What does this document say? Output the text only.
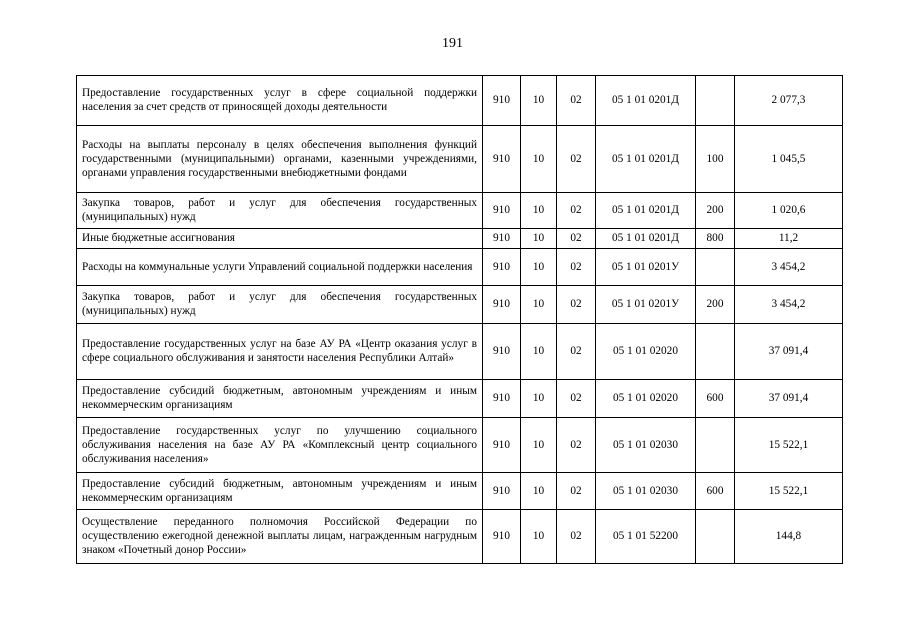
191
Предоставление государственных услуг в сфере социальной поддержки населения за счет средств от приносящей доходы деятельности	910	10	02	05 1 01 0201Д		2 077,3
Расходы на выплаты персоналу в целях обеспечения выполнения функций государственными (муниципальными) органами, казенными учреждениями, органами управления государственными внебюджетными фондами	910	10	02	05 1 01 0201Д	100	1 045,5
Закупка товаров, работ и услуг для обеспечения государственных (муниципальных) нужд	910	10	02	05 1 01 0201Д	200	1 020,6
Иные бюджетные ассигнования	910	10	02	05 1 01 0201Д	800	11,2
Расходы на коммунальные услуги Управлений социальной поддержки населения	910	10	02	05 1 01 0201У		3 454,2
Закупка товаров, работ и услуг для обеспечения государственных (муниципальных) нужд	910	10	02	05 1 01 0201У	200	3 454,2
Предоставление государственных услуг на базе АУ РА «Центр оказания услуг в сфере социального обслуживания и занятости населения Республики Алтай»	910	10	02	05 1 01 02020		37 091,4
Предоставление субсидий бюджетным, автономным учреждениям и иным некоммерческим организациям	910	10	02	05 1 01 02020	600	37 091,4
Предоставление государственных услуг по улучшению социального обслуживания населения на базе АУ РА «Комплексный центр социального обслуживания населения»	910	10	02	05 1 01 02030		15 522,1
Предоставление субсидий бюджетным, автономным учреждениям и иным некоммерческим организациям	910	10	02	05 1 01 02030	600	15 522,1
Осуществление переданного полномочия Российской Федерации по осуществлению ежегодной денежной выплаты лицам, награжденным нагрудным знаком «Почетный донор России»	910	10	02	05 1 01 52200		144,8
